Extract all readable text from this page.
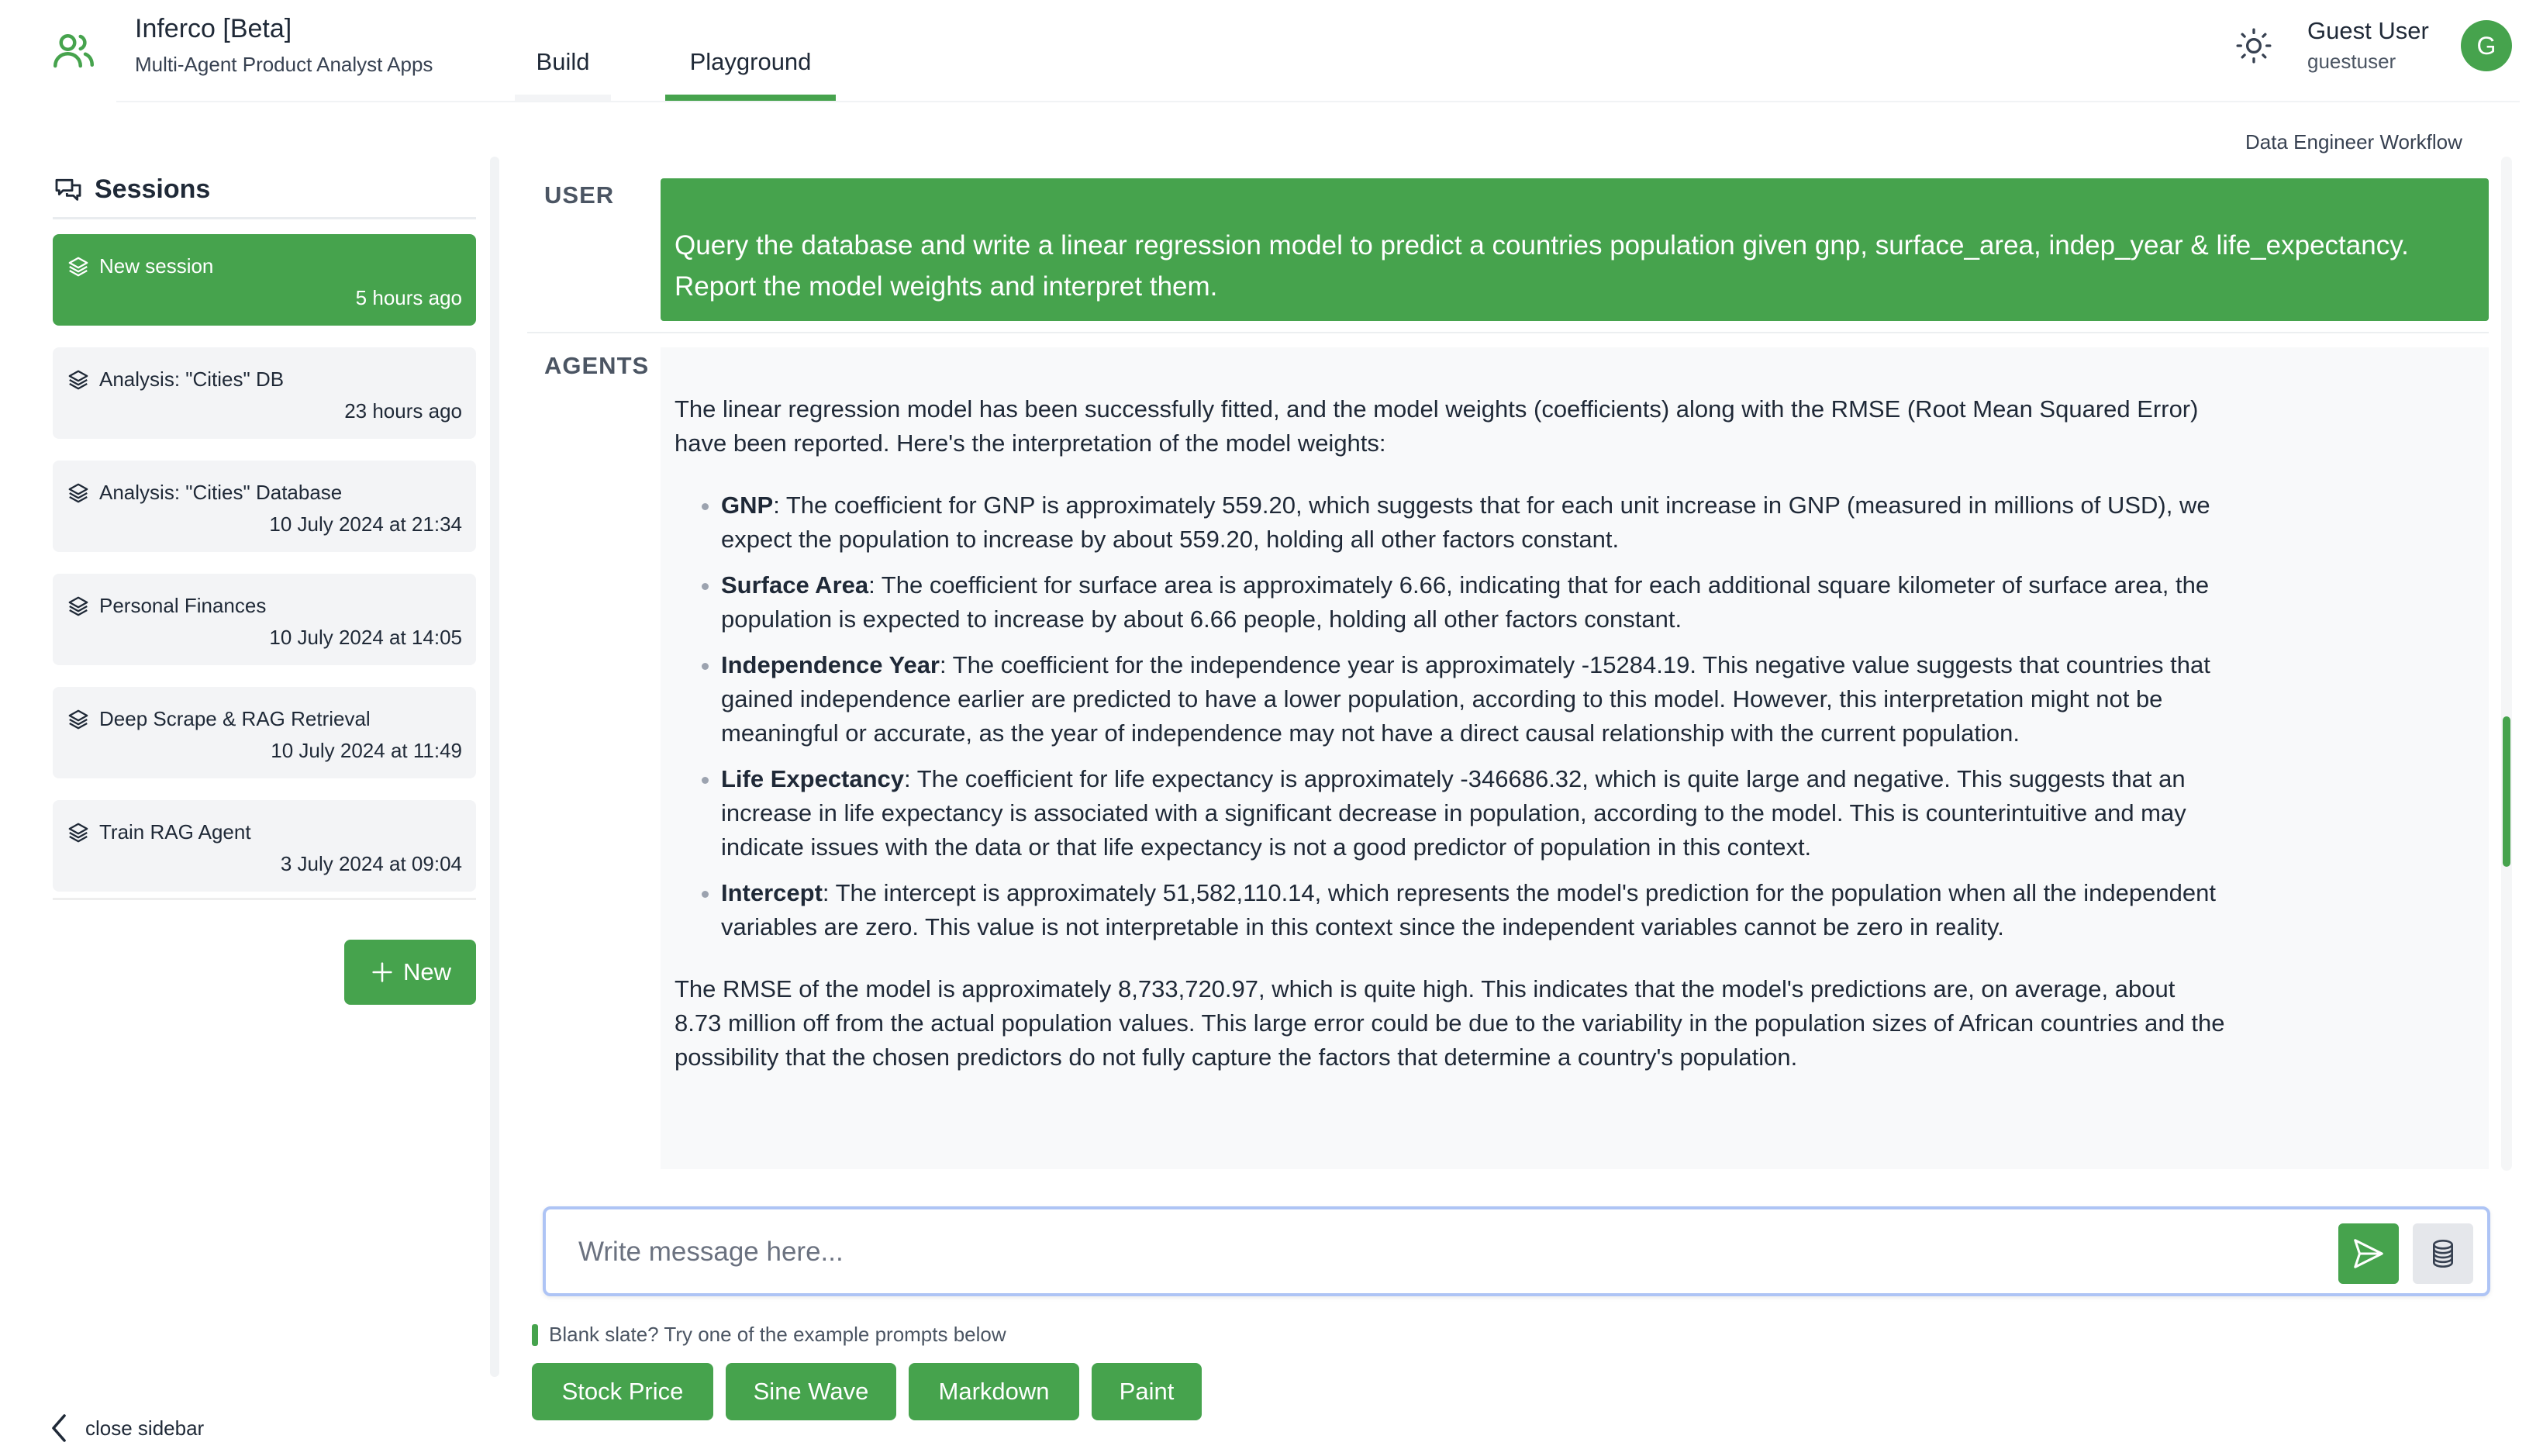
Inferco [Beta]
Multi-Agent Product Analyst Apps	Build	Playground
Guest User
guestuser
G
Sessions
New session
5 hours ago
Analysis: "Cities" DB
23 hours ago
Analysis: "Cities" Database
10 July 2024 at 21:34
Personal Finances
10 July 2024 at 14:05
Deep Scrape & RAG Retrieval
10 July 2024 at 11:49
Train RAG Agent
3 July 2024 at 09:04
New
close sidebar
Data Engineer Workflow
USER
Query the database and write a linear regression model to predict a countries population given gnp, surface_area, indep_year & life_expectancy. Report the model weights and interpret them.
AGENTS

The linear regression model has been successfully fitted, and the model weights (coefficients) along with the RMSE (Root Mean Squared Error) have been reported. Here's the interpretation of the model weights:

• GNP: The coefficient for GNP is approximately 559.20, which suggests that for each unit increase in GNP (measured in millions of USD), we expect the population to increase by about 559.20, holding all other factors constant.
• Surface Area: The coefficient for surface area is approximately 6.66, indicating that for each additional square kilometer of surface area, the population is expected to increase by about 6.66 people, holding all other factors constant.
• Independence Year: The coefficient for the independence year is approximately -15284.19. This negative value suggests that countries that gained independence earlier are predicted to have a lower population, according to this model. However, this interpretation might not be meaningful or accurate, as the year of independence may not have a direct causal relationship with the current population.
• Life Expectancy: The coefficient for life expectancy is approximately -346686.32, which is quite large and negative. This suggests that an increase in life expectancy is associated with a significant decrease in population, according to the model. This is counterintuitive and may indicate issues with the data or that life expectancy is not a good predictor of population in this context.
• Intercept: The intercept is approximately 51,582,110.14, which represents the model's prediction for the population when all the independent variables are zero. This value is not interpretable in this context since the independent variables cannot be zero in reality.

The RMSE of the model is approximately 8,733,720.97, which is quite high. This indicates that the model's predictions are, on average, about 8.73 million off from the actual population values. This large error could be due to the variability in the population sizes of African countries and the possibility that the chosen predictors do not fully capture the factors that determine a country's population.

Write message here...
Blank slate? Try one of the example prompts below
Stock Price	Sine Wave	Markdown	Paint
